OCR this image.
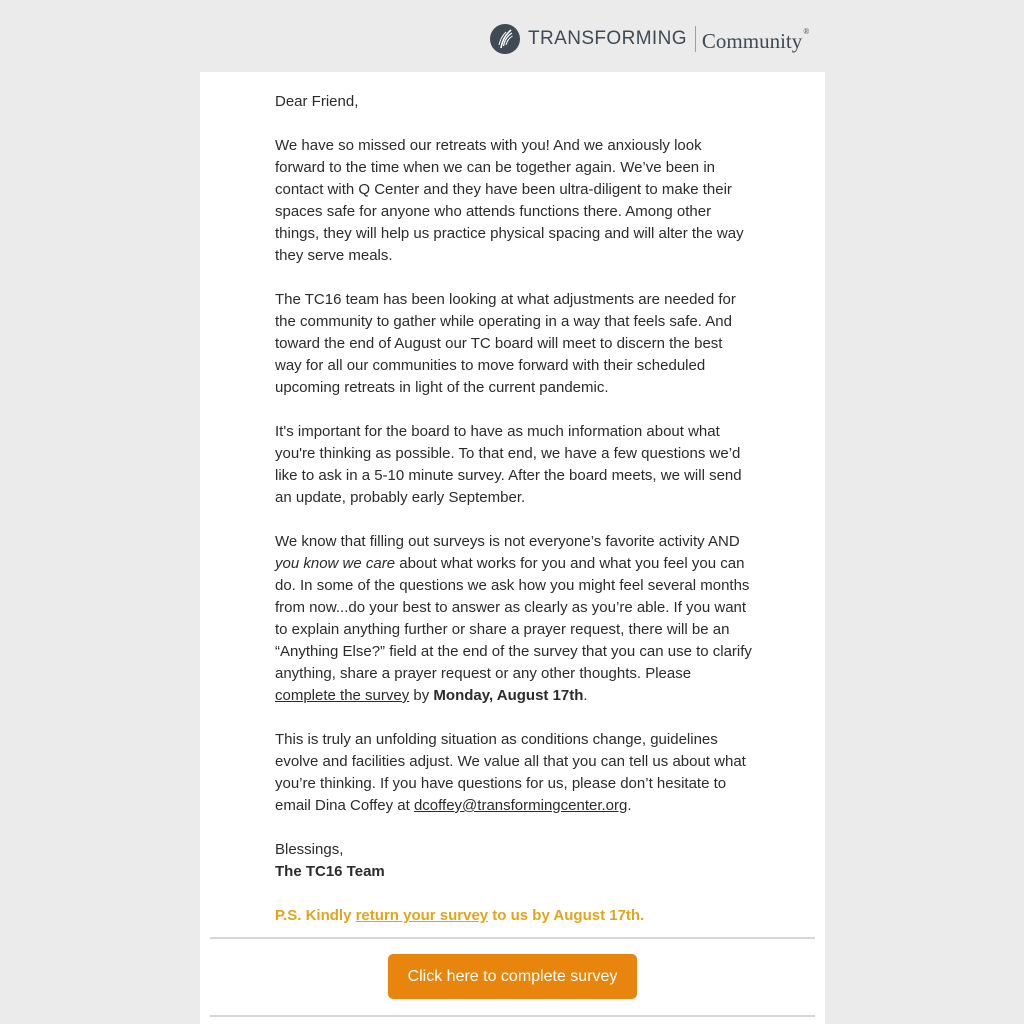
TRANSFORMING Community®

Dear Friend,

We have so missed our retreats with you! And we anxiously look forward to the time when we can be together again. We’ve been in contact with Q Center and they have been ultra-diligent to make their spaces safe for anyone who attends functions there. Among other things, they will help us practice physical spacing and will alter the way they serve meals.

The TC16 team has been looking at what adjustments are needed for the community to gather while operating in a way that feels safe. And toward the end of August our TC board will meet to discern the best way for all our communities to move forward with their scheduled upcoming retreats in light of the current pandemic.

It's important for the board to have as much information about what you're thinking as possible. To that end, we have a few questions we’d like to ask in a 5-10 minute survey. After the board meets, we will send an update, probably early September.

We know that filling out surveys is not everyone’s favorite activity AND you know we care about what works for you and what you feel you can do. In some of the questions we ask how you might feel several months from now...do your best to answer as clearly as you’re able. If you want to explain anything further or share a prayer request, there will be an “Anything Else?” field at the end of the survey that you can use to clarify anything, share a prayer request or any other thoughts. Please complete the survey by Monday, August 17th.

This is truly an unfolding situation as conditions change, guidelines evolve and facilities adjust. We value all that you can tell us about what you’re thinking. If you have questions for us, please don’t hesitate to email Dina Coffey at dcoffey@transformingcenter.org.

Blessings,
The TC16 Team

P.S. Kindly return your survey to us by August 17th.

Click here to complete survey
